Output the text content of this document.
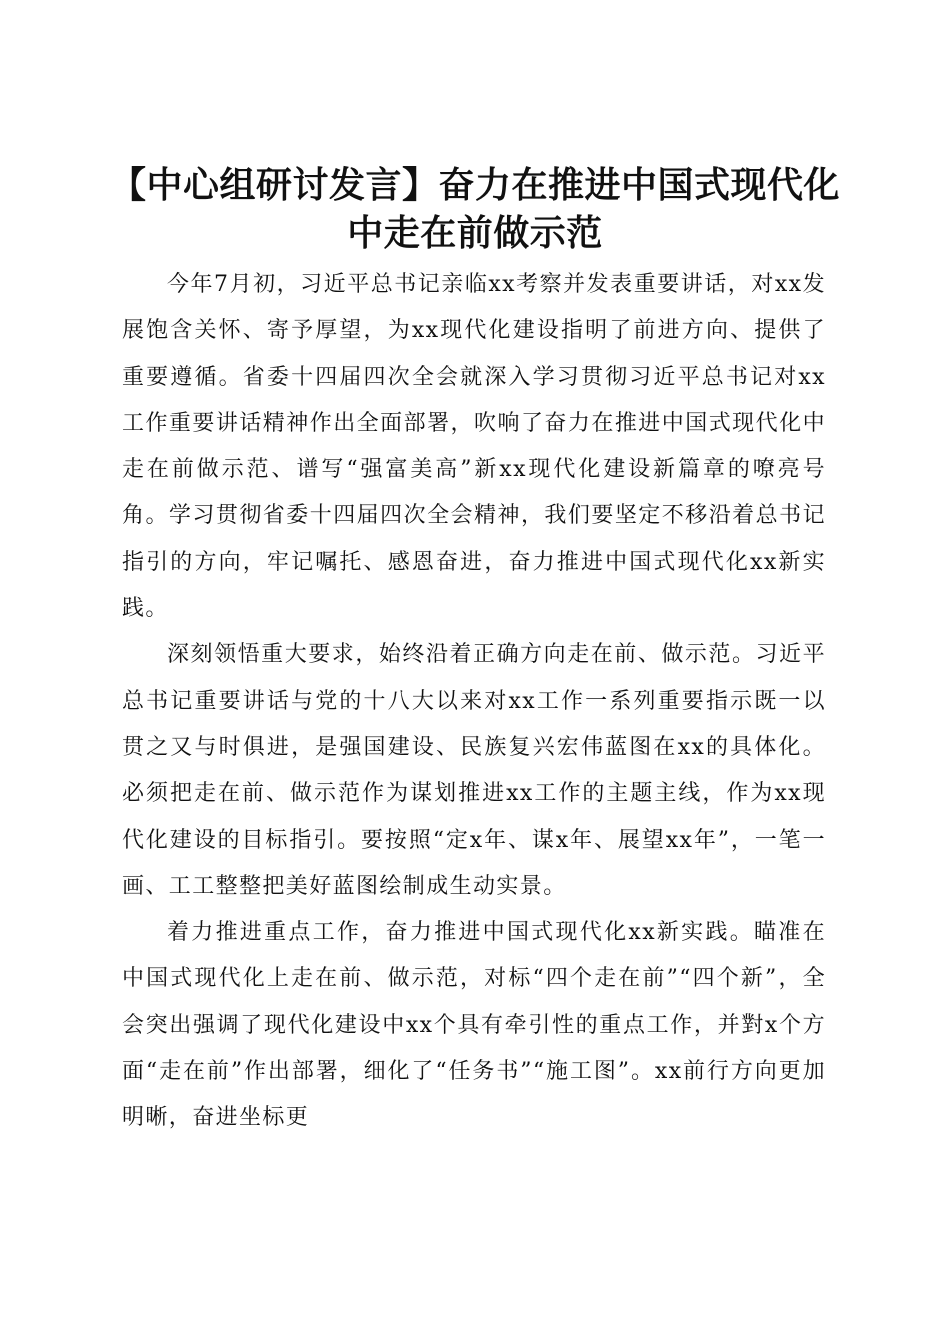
【中心组研讨发言】奋力在推进中国式现代化
中走在前做示范

今年7月初，习近平总书记亲临xx考察并发表重要讲话，对xx发展饱含关怀、寄予厚望，为xx现代化建设指明了前进方向、提供了重要遵循。省委十四届四次全会就深入学习贯彻习近平总书记对xx工作重要讲话精神作出全面部署，吹响了奋力在推进中国式现代化中走在前做示范、谱写“强富美高”新xx现代化建设新篇章的嘹亮号角。学习贯彻省委十四届四次全会精神，我们要坚定不移沿着总书记指引的方向，牢记嘱托、感恩奋进，奋力推进中国式现代化xx新实践。

深刻领悟重大要求，始终沿着正确方向走在前、做示范。习近平总书记重要讲话与党的十八大以来对xx工作一系列重要指示既一以贯之又与时俱进，是强国建设、民族复兴宏伟蓝图在xx的具体化。必须把走在前、做示范作为谋划推进xx工作的主题主线，作为xx现代化建设的目标指引。要按照“定x年、谋x年、展望xx年”，一笔一画、工工整整把美好蓝图绘制成生动实景。

着力推进重点工作，奋力推进中国式现代化xx新实践。瞄准在中国式现代化上走在前、做示范，对标“四个走在前”“四个新”，全会突出强调了现代化建设中xx个具有牵引性的重点工作，并對x个方面“走在前”作出部署，细化了“任务书”“施工图”。xx前行方向更加明晰，奋进坐标更
